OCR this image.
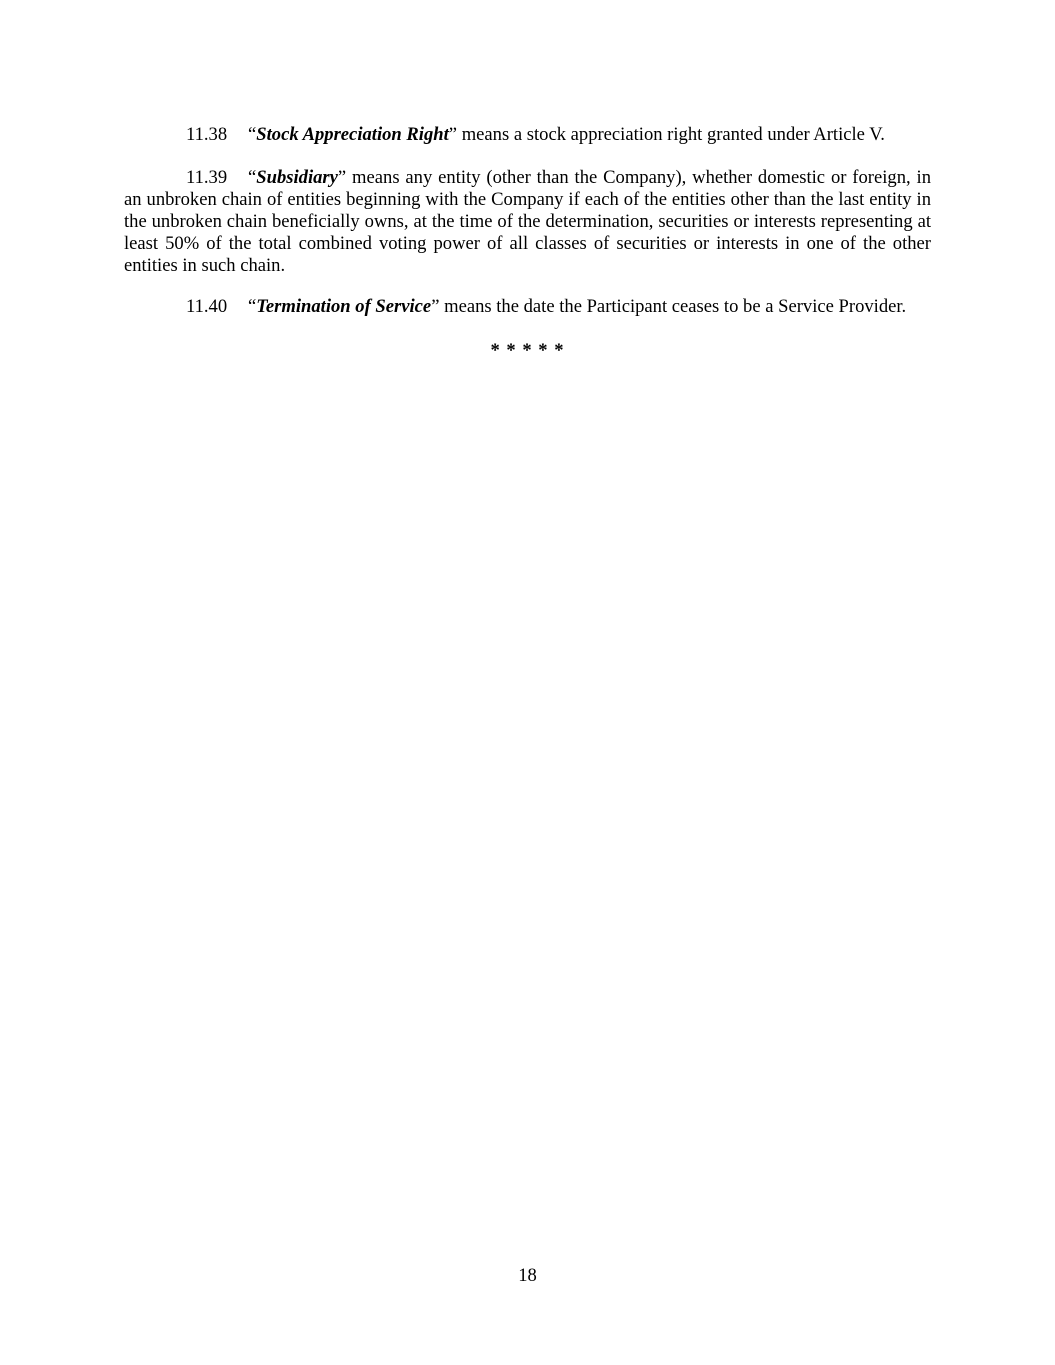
11.38 “Stock Appreciation Right” means a stock appreciation right granted under Article V.

11.39 “Subsidiary” means any entity (other than the Company), whether domestic or foreign, in an unbroken chain of entities beginning with the Company if each of the entities other than the last entity in the unbroken chain beneficially owns, at the time of the determination, securities or interests representing at least 50% of the total combined voting power of all classes of securities or interests in one of the other entities in such chain.

11.40 “Termination of Service” means the date the Participant ceases to be a Service Provider.

* * * * *

18
